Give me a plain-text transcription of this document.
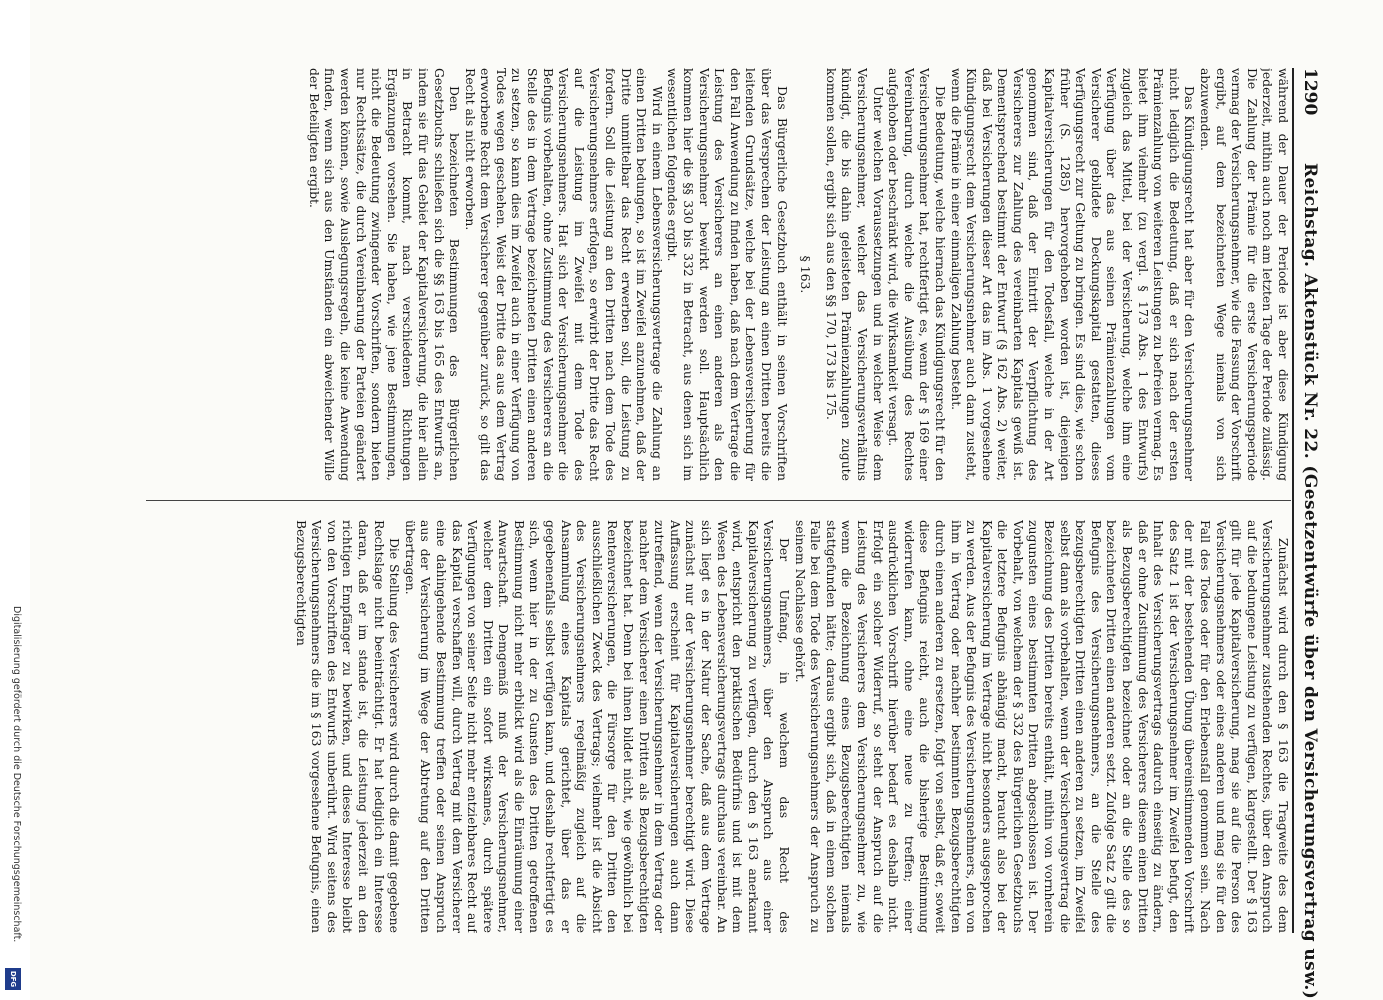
1290
Reichstag. Aktenstück Nr. 22. (Gesetzentwürfe über den Versicherungsvertrag usw.)

während der Dauer der Periode ist aber diese Kündigung jederzeit, mithin auch noch am letzten Tage der Periode zulässig. Die Zahlung der Prämie für die erste Versicherungsperiode vermag der Versicherungsnehmer, wie die Fassung der Vorschrift ergibt, auf dem bezeichneten Wege niemals von sich abzuwenden.

Das Kündigungsrecht hat aber für den Versicherungsnehmer nicht lediglich die Bedeutung, daß er sich nach der ersten Prämienzahlung von weiteren Leistungen zu befreien vermag. Es bietet ihm vielmehr (zu vergl. § 173 Abs. 1 des Entwurfs) zugleich das Mittel, bei der Versicherung, welche ihm eine Verfügung über das aus seinen Prämienzahlungen vom Versicherer gebildete Deckungskapital gestatten, dieses Verfügungsrecht zur Geltung zu bringen. Es sind dies, wie schon früher (S. 1285) hervorgehoben worden ist, diejenigen Kapitalversicherungen für den Todesfall, welche in der Art genommen sind, daß der Eintritt der Verpflichtung des Versicherers zur Zahlung des vereinbarten Kapitals gewiß ist. Dementsprechend bestimmt der Entwurf (§ 162 Abs. 2) weiter, daß bei Versicherungen dieser Art das im Abs. 1 vorgesehene Kündigungsrecht dem Versicherungsnehmer auch dann zusteht, wenn die Prämie in einer einmaligen Zahlung besteht.

Die Bedeutung, welche hiernach das Kündigungsrecht für den Versicherungsnehmer hat, rechtfertigt es, wenn der § 169 einer Vereinbarung, durch welche die Ausübung des Rechtes aufgehoben oder beschränkt wird, die Wirksamkeit versagt.

Unter welchen Voraussetzungen und in welcher Weise dem Versicherungsnehmer, welcher das Versicherungsverhältnis kündigt, die bis dahin geleisteten Prämienzahlungen zugute kommen sollen, ergibt sich aus den §§ 170, 173 bis 175.

§ 163.

Das Bürgerliche Gesetzbuch enthält in seinen Vorschriften über das Versprechen der Leistung an einen Dritten bereits die leitenden Grundsätze, welche bei der Lebensversicherung für den Fall Anwendung zu finden haben, daß nach dem Vertrage die Leistung des Versicherers an einen anderen als den Versicherungsnehmer bewirkt werden soll. Hauptsächlich kommen hier die §§ 330 bis 332 in Betracht, aus denen sich im wesentlichen folgendes ergibt.

Wird in einem Lebensversicherungsvertrage die Zahlung an einen Dritten bedungen, so ist im Zweifel anzunehmen, daß der Dritte unmittelbar das Recht erwerben soll, die Leistung zu fordern. Soll die Leistung an den Dritten nach dem Tode des Versicherungsnehmers erfolgen, so erwirbt der Dritte das Recht auf die Leistung im Zweifel mit dem Tode des Versicherungsnehmers. Hat sich der Versicherungsnehmer die Befugnis vorbehalten, ohne Zustimmung des Versicherers an die Stelle des in dem Vertrage bezeichneten Dritten einen anderen zu setzen, so kann dies im Zweifel auch in einer Verfügung von Todes wegen geschehen. Weist der Dritte das aus dem Vertrag erworbene Recht dem Versicherer gegenüber zurück, so gilt das Recht als nicht erworben.

Den bezeichneten Bestimmungen des Bürgerlichen Gesetzbuchs schließen sich die §§ 163 bis 165 des Entwurfs an, indem sie für das Gebiet der Kapitalversicherung, die hier allein in Betracht kommt, nach verschiedenen Richtungen Ergänzungen vorsehen. Sie haben, wie jene Bestimmungen, nicht die Bedeutung zwingender Vorschriften, sondern bieten nur Rechtssätze, die durch Vereinbarung der Parteien geändert werden können, sowie Auslegungsregeln, die keine Anwendung finden, wenn sich aus den Umständen ein abweichender Wille der Beteiligten ergibt.

Zunächst wird durch den § 163 die Tragweite des dem Versicherungsnehmer zustehenden Rechtes, über den Anspruch auf die bedungene Leistung zu verfügen, klargestellt. Der § 163 gilt für jede Kapitalversicherung, mag sie auf die Person des Versicherungsnehmers oder eines anderen und mag sie für den Fall des Todes oder für den Erlebensfall genommen sein. Nach der mit der bestehenden Übung übereinstimmenden Vorschrift des Satz 1 ist der Versicherungsnehmer im Zweifel befugt, den Inhalt des Versicherungsvertrags dadurch einseitig zu ändern, daß er ohne Zustimmung des Versicherers diesem einen Dritten als Bezugsberechtigten bezeichnet oder an die Stelle des so bezeichneten Dritten einen anderen setzt. Zufolge Satz 2 gilt die Befugnis des Versicherungsnehmers, an die Stelle des bezugsberechtigten Dritten einen anderen zu setzen, im Zweifel selbst dann als vorbehalten, wenn der Versicherungsvertrag die Bezeichnung des Dritten bereits enthält, mithin von vornherein zugunsten eines bestimmten Dritten abgeschlossen ist. Der Vorbehalt, von welchem der § 332 des Bürgerlichen Gesetzbuchs die letztere Befugnis abhängig macht, braucht also bei der Kapitalversicherung im Vertrage nicht besonders ausgesprochen zu werden. Aus der Befugnis des Versicherungsnehmers, den von ihm in Vertrag oder nachher bestimmten Bezugsberechtigten durch einen anderen zu ersetzen, folgt von selbst, daß er, soweit diese Befugnis reicht, auch die bisherige Bestimmung widerrufen kann, ohne eine neue zu treffen; einer ausdrücklichen Vorschrift hierüber bedarf es deshalb nicht. Erfolgt ein solcher Widerruf, so steht der Anspruch auf die Leistung des Versicherers dem Versicherungsnehmer zu, wie wenn die Bezeichnung eines Bezugsberechtigten niemals stattgefunden hätte; daraus ergibt sich, daß in einem solchen Falle bei dem Tode des Versicherungsnehmers der Anspruch zu seinem Nachlasse gehört.

Der Umfang, in welchem das Recht des Versicherungsnehmers, über den Anspruch aus einer Kapitalversicherung zu verfügen, durch den § 163 anerkannt wird, entspricht den praktischen Bedürfnis und ist mit dem Wesen des Lebensversicherungsvertrags durchaus vereinbar. An sich liegt es in der Natur der Sache, daß aus dem Vertrage zunächst nur der Versicherungsnehmer berechtigt wird. Diese Auffassung erscheint für Kapitalversicherungen auch dann zutreffend, wenn der Versicherungsnehmer in dem Vertrag oder nachher dem Versicherer einen Dritten als Bezugsberechtigten bezeichnet hat. Denn bei ihnen bildet nicht, wie gewöhnlich bei Rentenversicherungen, die Fürsorge für den Dritten den ausschließlichen Zweck des Vertrags; vielmehr ist die Absicht des Versicherungsnehmers regelmäßig zugleich auf die Ansammlung eines Kapitals gerichtet, über das er gegebenenfalls selbst verfügen kann, und deshalb rechtfertigt es sich, wenn hier in der zu Gunsten des Dritten getroffenen Bestimmung nicht mehr erblickt wird als die Einräumung einer Anwartschaft. Demgemäß muß der Versicherungsnehmer, welcher dem Dritten ein sofort wirksames, durch spätere Verfügungen von seiner Seite nicht mehr entziehbares Recht auf das Kapital verschaffen will, durch Vertrag mit dem Versicherer eine dahingehende Bestimmung treffen oder seinen Anspruch aus der Versicherung im Wege der Abtretung auf den Dritten übertragen.

Die Stellung des Versicherers wird durch die damit gegebene Rechtslage nicht beeinträchtigt. Er hat lediglich ein Interesse daran, daß er im stande ist, die Leistung jederzeit an den richtigen Empfänger zu bewirken, und dieses Interesse bleibt von den Vorschriften des Entwurfs unberührt. Wird seitens des Versicherungsnehmers die im § 163 vorgesehene Befugnis, einen Bezugsberechtigten

Digitalisierung gefördert durch die Deutsche Forschungsgemeinschaft.
DFG
